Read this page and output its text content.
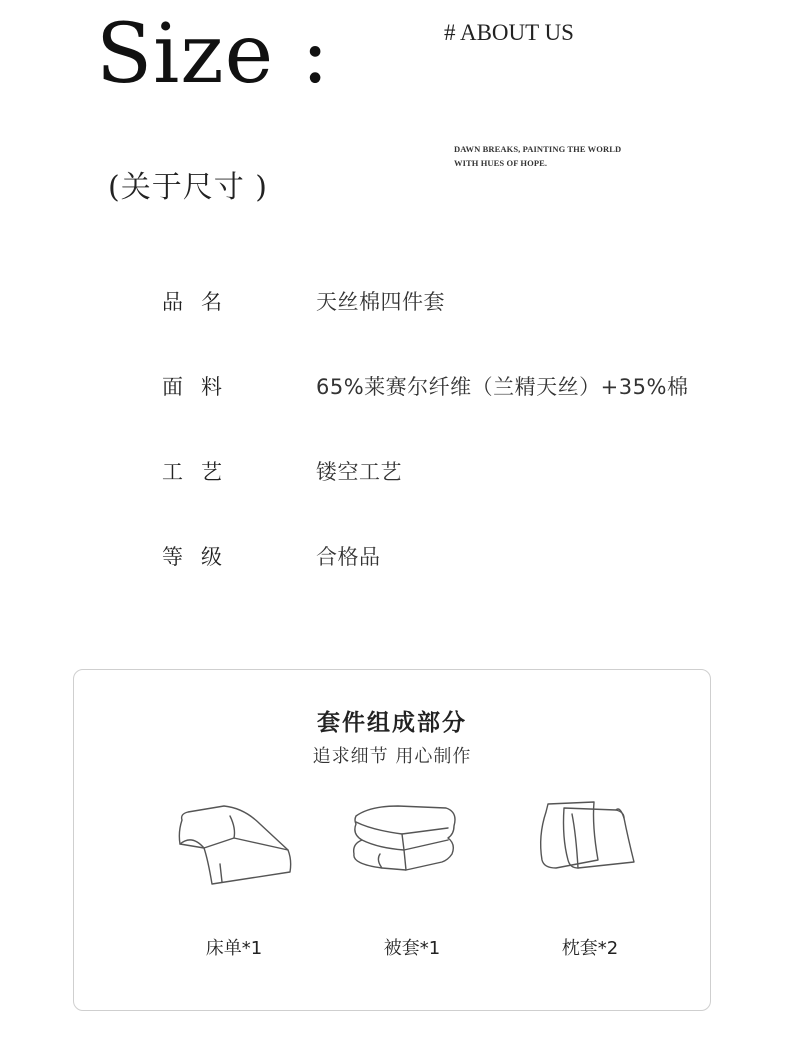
Size :
(关于尺寸 )
# ABOUT US
DAWN BREAKS, PAINTING THE WORLD
WITH HUES OF HOPE.
品名	天丝棉四件套
面料	65%莱赛尔纤维（兰精天丝）+35%棉
工艺	镂空工艺
等级	合格品
套件组成部分
追求细节 用心制作
床单*1	被套*1	枕套*2
